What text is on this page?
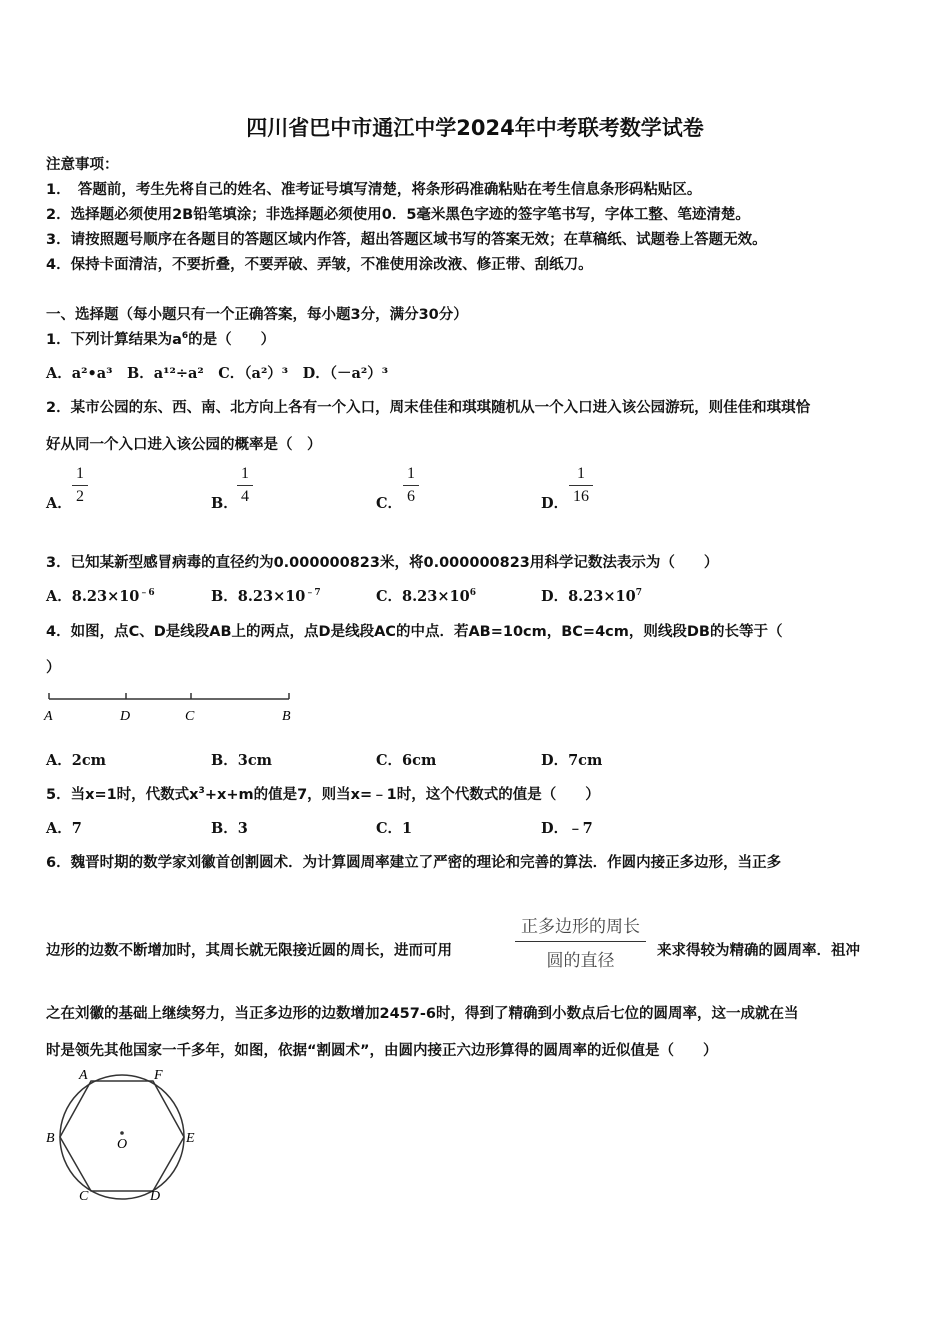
四川省巴中市通江中学2024年中考联考数学试卷
注意事项：
1．　答题前，考生先将自己的姓名、准考证号填写清楚，将条形码准确粘贴在考生信息条形码粘贴区。
2．选择题必须使用2B铅笔填涂；非选择题必须使用0．5毫米黑色字迹的签字笔书写，字体工整、笔迹清楚。
3．请按照题号顺序在各题目的答题区域内作答，超出答题区域书写的答案无效；在草稿纸、试题卷上答题无效。
4．保持卡面清洁，不要折叠，不要弄破、弄皱，不准使用涂改液、修正带、刮纸刀。
一、选择题（每小题只有一个正确答案，每小题3分，满分30分）
1．下列计算结果为$a^6$的是（　　）
A．a²•a³　B．a¹²÷a²　C．（a²）³　D．（－a²）³
2．某市公园的东、西、南、北方向上各有一个入口，周末佳佳和琪琪随机从一个入口进入该公园游玩，则佳佳和琪琪恰
好从同一个入口进入该公园的概率是（　）
A． $\frac{1}{2}$	B． $\frac{1}{4}$	C． $\frac{1}{6}$	D． $\frac{1}{16}$
3．已知某新型感冒病毒的直径约为0.000000823米，将0.000000823用科学记数法表示为（　　）
A．$8.23\times 10^{﹣6}$	B．$8.23\times 10^{﹣7}$	C．$8.23\times 10^6$	D．$8.23\times 10^7$
4．如图，点C、D是线段AB上的两点，点D是线段AC的中点．若AB=10cm，BC=4cm，则线段DB的长等于（
）
A	D	C	B
A．2cm	B．3cm	C．6cm	D．7cm
5．当x=1时，代数式$x^3+x+m$的值是7，则当x=﹣1时，这个代数式的值是（　　）
A．7	B．3	C．1	D．﹣7
6．魏晋时期的数学家刘徽首创割圆术．为计算圆周率建立了严密的理论和完善的算法．作圆内接正多边形，当正多
边形的边数不断增加时，其周长就无限接近圆的周长，进而可用
正多边形的周长
圆的直径	来求得较为精确的圆周率．祖冲
之在刘徽的基础上继续努力，当正多边形的边数增加2457-6时，得到了精确到小数点后七位的圆周率，这一成就在当
时是领先其他国家一千多年，如图，依据“割圆术”，由圆内接正六边形算得的圆周率的近似值是（　　）
A	F
B	O	E
C	D
